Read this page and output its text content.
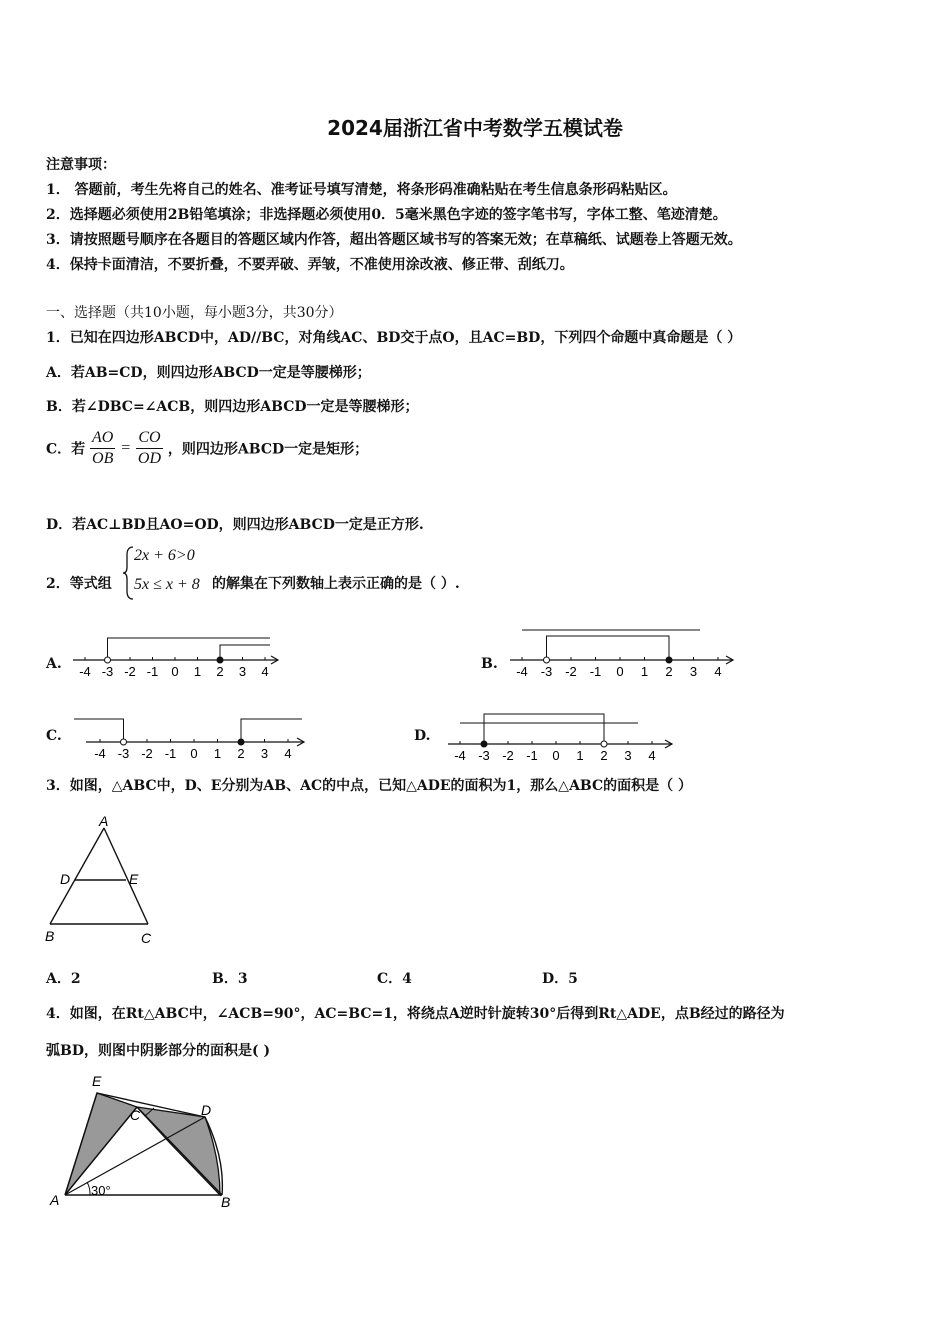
2024届浙江省中考数学五模试卷
注意事项：
1． 答题前，考生先将自己的姓名、准考证号填写清楚，将条形码准确粘贴在考生信息条形码粘贴区。
2．选择题必须使用2B铅笔填涂；非选择题必须使用0．5毫米黑色字迹的签字笔书写，字体工整、笔迹清楚。
3．请按照题号顺序在各题目的答题区域内作答，超出答题区域书写的答案无效；在草稿纸、试题卷上答题无效。
4．保持卡面清洁，不要折叠，不要弄破、弄皱，不准使用涂改液、修正带、刮纸刀。
一、选择题（共10小题，每小题3分，共30分）
1．已知在四边形ABCD中，AD//BC，对角线AC、BD交于点O，且AC=BD，下列四个命题中真命题是（ ）
A．若AB=CD，则四边形ABCD一定是等腰梯形；
B．若∠DBC=∠ACB，则四边形ABCD一定是等腰梯形；
C．若 $\frac{AO}{OB} = \frac{CO}{OD}$ ，则四边形ABCD一定是矩形；
D．若AC⊥BD且AO=OD，则四边形ABCD一定是正方形.
2．等式组
2x + 6>0
5x ≤ x + 8 的解集在下列数轴上表示正确的是（ ）.
A. -4 -3 -2 -1 0 1 2 3 4	B. -4 -3 -2 -1 0 1 2 3 4
C.
-4 -3 -2 -1 0 1 2 3 4
D.
-4 -3 -2 -1 0 1 2 3 4
3．如图，△ABC中，D、E分别为AB、AC的中点，已知△ADE的面积为1，那么△ABC的面积是（ ）
A
D	E
B	C
A．2	B．3	C．4	D．5
4．如图，在Rt△ABC中，∠ACB=90°，AC=BC=1，将绕点A逆时针旋转30°后得到Rt△ADE，点B经过的路径为
弧BD，则图中阴影部分的面积是( )
E
C	D
A	B
30°
